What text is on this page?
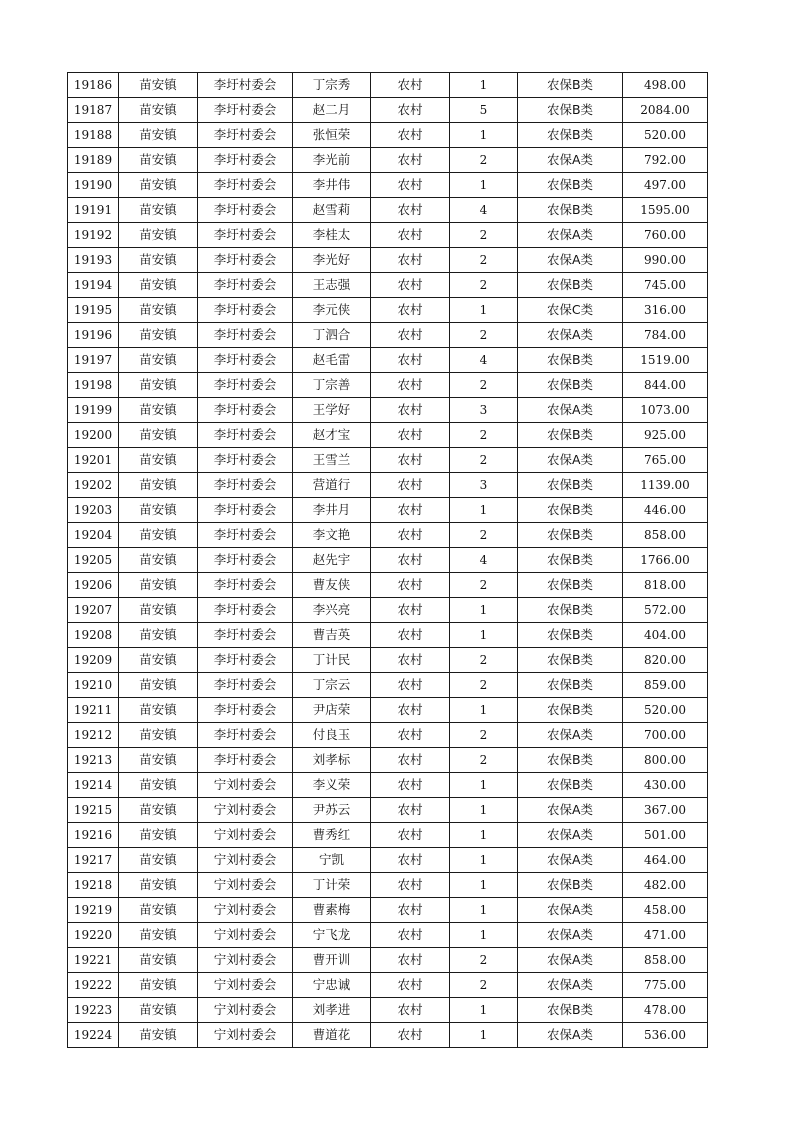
19186	苗安镇	李圩村委会	丁宗秀	农村	1	农保B类	498.00
19187	苗安镇	李圩村委会	赵二月	农村	5	农保B类	2084.00
19188	苗安镇	李圩村委会	张恒荣	农村	1	农保B类	520.00
19189	苗安镇	李圩村委会	李光前	农村	2	农保A类	792.00
19190	苗安镇	李圩村委会	李井伟	农村	1	农保B类	497.00
19191	苗安镇	李圩村委会	赵雪莉	农村	4	农保B类	1595.00
19192	苗安镇	李圩村委会	李桂太	农村	2	农保A类	760.00
19193	苗安镇	李圩村委会	李光好	农村	2	农保A类	990.00
19194	苗安镇	李圩村委会	王志强	农村	2	农保B类	745.00
19195	苗安镇	李圩村委会	李元侠	农村	1	农保C类	316.00
19196	苗安镇	李圩村委会	丁泗合	农村	2	农保A类	784.00
19197	苗安镇	李圩村委会	赵毛雷	农村	4	农保B类	1519.00
19198	苗安镇	李圩村委会	丁宗善	农村	2	农保B类	844.00
19199	苗安镇	李圩村委会	王学好	农村	3	农保A类	1073.00
19200	苗安镇	李圩村委会	赵才宝	农村	2	农保B类	925.00
19201	苗安镇	李圩村委会	王雪兰	农村	2	农保A类	765.00
19202	苗安镇	李圩村委会	营道行	农村	3	农保B类	1139.00
19203	苗安镇	李圩村委会	李井月	农村	1	农保B类	446.00
19204	苗安镇	李圩村委会	李文艳	农村	2	农保B类	858.00
19205	苗安镇	李圩村委会	赵先宇	农村	4	农保B类	1766.00
19206	苗安镇	李圩村委会	曹友侠	农村	2	农保B类	818.00
19207	苗安镇	李圩村委会	李兴亮	农村	1	农保B类	572.00
19208	苗安镇	李圩村委会	曹吉英	农村	1	农保B类	404.00
19209	苗安镇	李圩村委会	丁计民	农村	2	农保B类	820.00
19210	苗安镇	李圩村委会	丁宗云	农村	2	农保B类	859.00
19211	苗安镇	李圩村委会	尹店荣	农村	1	农保B类	520.00
19212	苗安镇	李圩村委会	付良玉	农村	2	农保A类	700.00
19213	苗安镇	李圩村委会	刘孝标	农村	2	农保B类	800.00
19214	苗安镇	宁刘村委会	李义荣	农村	1	农保B类	430.00
19215	苗安镇	宁刘村委会	尹苏云	农村	1	农保A类	367.00
19216	苗安镇	宁刘村委会	曹秀红	农村	1	农保A类	501.00
19217	苗安镇	宁刘村委会	宁凯	农村	1	农保A类	464.00
19218	苗安镇	宁刘村委会	丁计荣	农村	1	农保B类	482.00
19219	苗安镇	宁刘村委会	曹素梅	农村	1	农保A类	458.00
19220	苗安镇	宁刘村委会	宁飞龙	农村	1	农保A类	471.00
19221	苗安镇	宁刘村委会	曹开训	农村	2	农保A类	858.00
19222	苗安镇	宁刘村委会	宁忠诚	农村	2	农保A类	775.00
19223	苗安镇	宁刘村委会	刘孝进	农村	1	农保B类	478.00
19224	苗安镇	宁刘村委会	曹道花	农村	1	农保A类	536.00
